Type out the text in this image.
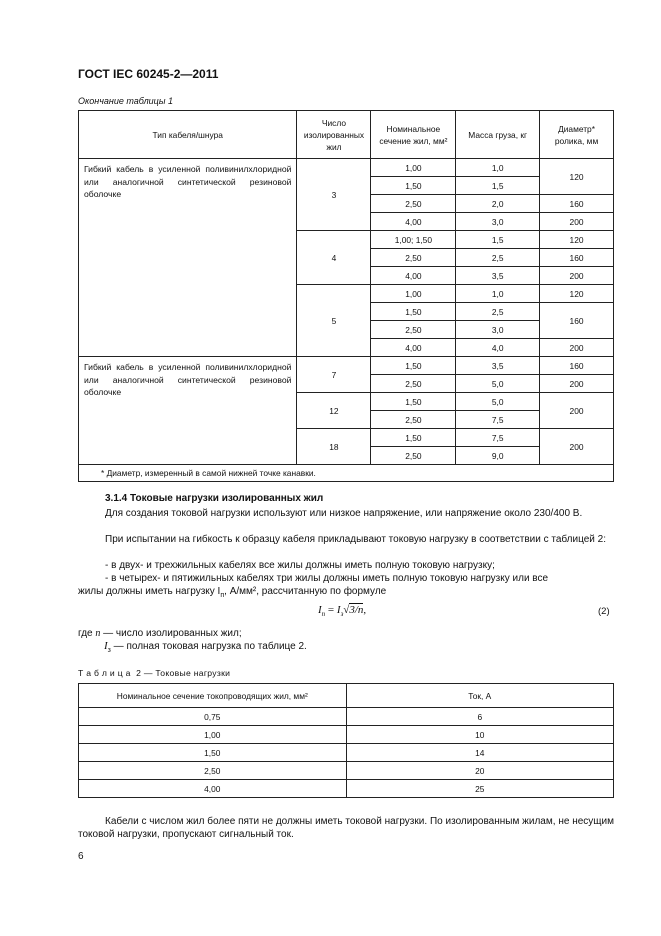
ГОСТ IEC 60245-2—2011
Окончание таблицы 1
Тип кабеля/шнура	Число изолированных жил	Номинальное сечение жил, мм²	Масса груза, кг	Диаметр* ролика, мм
Гибкий кабель в усиленной поливинилхлоридной или аналогичной синтетической резиновой оболочке	3	1,00	1,0	120
		1,50	1,5	
		2,50	2,0	160
		4,00	3,0	200
	4	1,00; 1,50	1,5	120
		2,50	2,5	160
		4,00	3,5	200
	5	1,00	1,0	120
		1,50	2,5	160
		2,50	3,0	
		4,00	4,0	200
Гибкий кабель в усиленной поливинилхлоридной или аналогичной синтетической резиновой оболочке	7	1,50	3,5	160
		2,50	5,0	200
	12	1,50	5,0	200
		2,50	7,5	
	18	1,50	7,5	200
		2,50	9,0	
* Диаметр, измеренный в самой нижней точке канавки.				
3.1.4 Токовые нагрузки изолированных жил
Для создания токовой нагрузки используют или низкое напряжение, или напряжение около 230/400 В.
При испытании на гибкость к образцу кабеля прикладывают токовую нагрузку в соответствии с таблицей 2:
- в двух- и трехжильных кабелях все жилы должны иметь полную токовую нагрузку;
- в четырех- и пятижильных кабелях три жилы должны иметь полную токовую нагрузку или все
жилы должны иметь нагрузку $I_п$, А/мм², рассчитанную по формуле
$I_п = I_з√3/n$,	(2)
где n — число изолированных жил;
$I_з$ — полная токовая нагрузка по таблице 2.
Т а б л и ц а  2 — Токовые нагрузки
Номинальное сечение токопроводящих жил, мм²	Ток, А
0,75	6
1,00	10
1,50	14
2,50	20
4,00	25
Кабели с числом жил более пяти не должны иметь токовой нагрузки. По изолированным жилам, не несущим токовой нагрузки, пропускают сигнальный ток.
6
